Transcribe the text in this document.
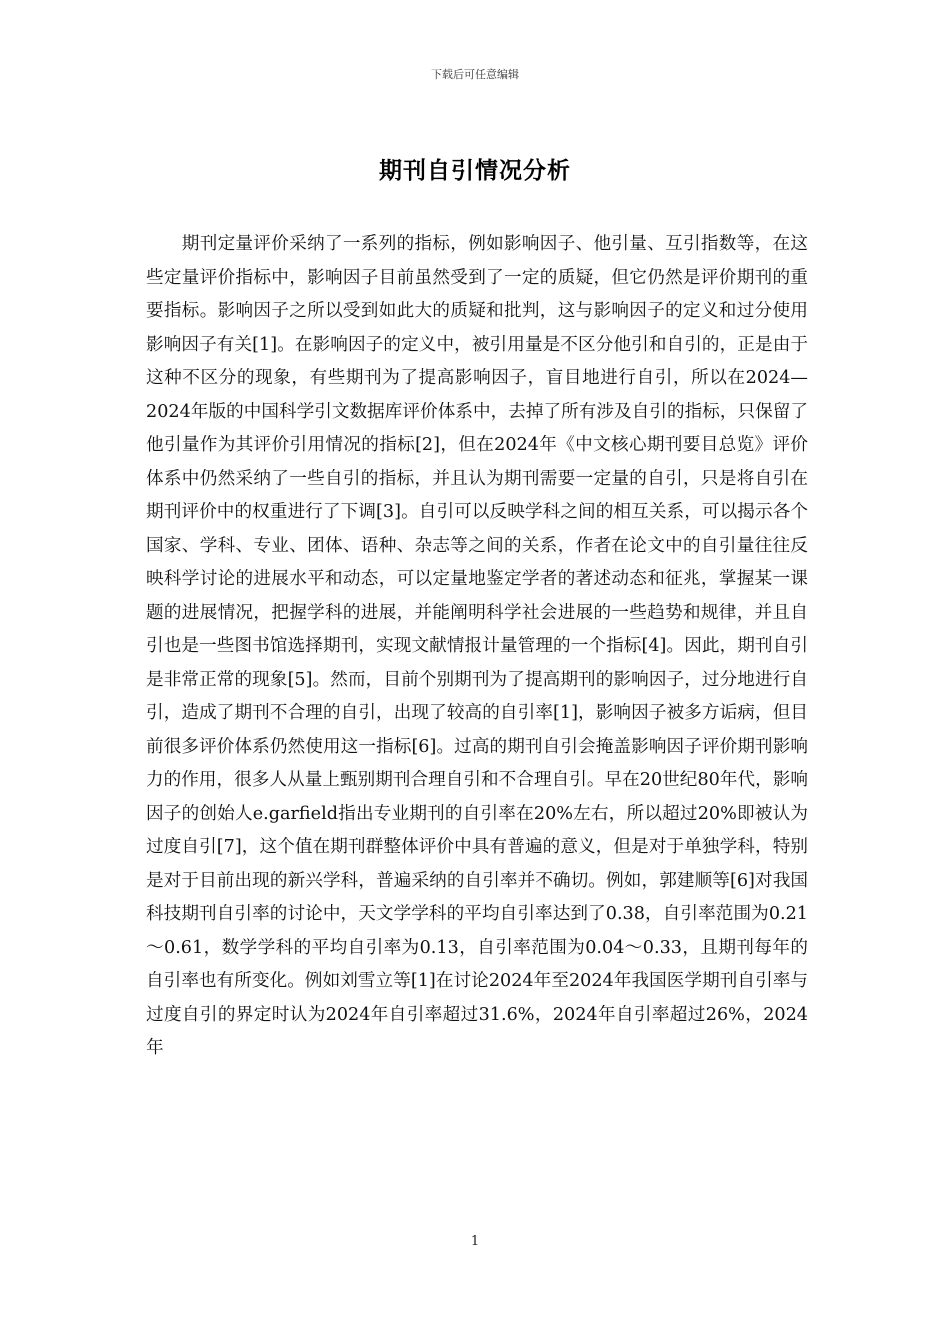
下载后可任意编辑
期刊自引情况分析

　　期刊定量评价采纳了一系列的指标，例如影响因子、他引量、互引指数等，在这些定量评价指标中，影响因子目前虽然受到了一定的质疑，但它仍然是评价期刊的重要指标。影响因子之所以受到如此大的质疑和批判，这与影响因子的定义和过分使用影响因子有关[1]。在影响因子的定义中，被引用量是不区分他引和自引的，正是由于这种不区分的现象，有些期刊为了提高影响因子，盲目地进行自引，所以在2024—2024年版的中国科学引文数据库评价体系中，去掉了所有涉及自引的指标，只保留了他引量作为其评价引用情况的指标[2]，但在2024年《中文核心期刊要目总览》评价体系中仍然采纳了一些自引的指标，并且认为期刊需要一定量的自引，只是将自引在期刊评价中的权重进行了下调[3]。自引可以反映学科之间的相互关系，可以揭示各个国家、学科、专业、团体、语种、杂志等之间的关系，作者在论文中的自引量往往反映科学讨论的进展水平和动态，可以定量地鉴定学者的著述动态和征兆，掌握某一课题的进展情况，把握学科的进展，并能阐明科学社会进展的一些趋势和规律，并且自引也是一些图书馆选择期刊，实现文献情报计量管理的一个指标[4]。因此，期刊自引是非常正常的现象[5]。然而，目前个别期刊为了提高期刊的影响因子，过分地进行自引，造成了期刊不合理的自引，出现了较高的自引率[1]，影响因子被多方诟病，但目前很多评价体系仍然使用这一指标[6]。过高的期刊自引会掩盖影响因子评价期刊影响力的作用，很多人从量上甄别期刊合理自引和不合理自引。早在20世纪80年代，影响因子的创始人e.garfield指出专业期刊的自引率在20%左右，所以超过20%即被认为过度自引[7]，这个值在期刊群整体评价中具有普遍的意义，但是对于单独学科，特别是对于目前出现的新兴学科，普遍采纳的自引率并不确切。例如，郭建顺等[6]对我国科技期刊自引率的讨论中，天文学学科的平均自引率达到了0.38，自引率范围为0.21～0.61，数学学科的平均自引率为0.13，自引率范围为0.04～0.33，且期刊每年的自引率也有所变化。例如刘雪立等[1]在讨论2024年至2024年我国医学期刊自引率与过度自引的界定时认为2024年自引率超过31.6%，2024年自引率超过26%，2024年

1
